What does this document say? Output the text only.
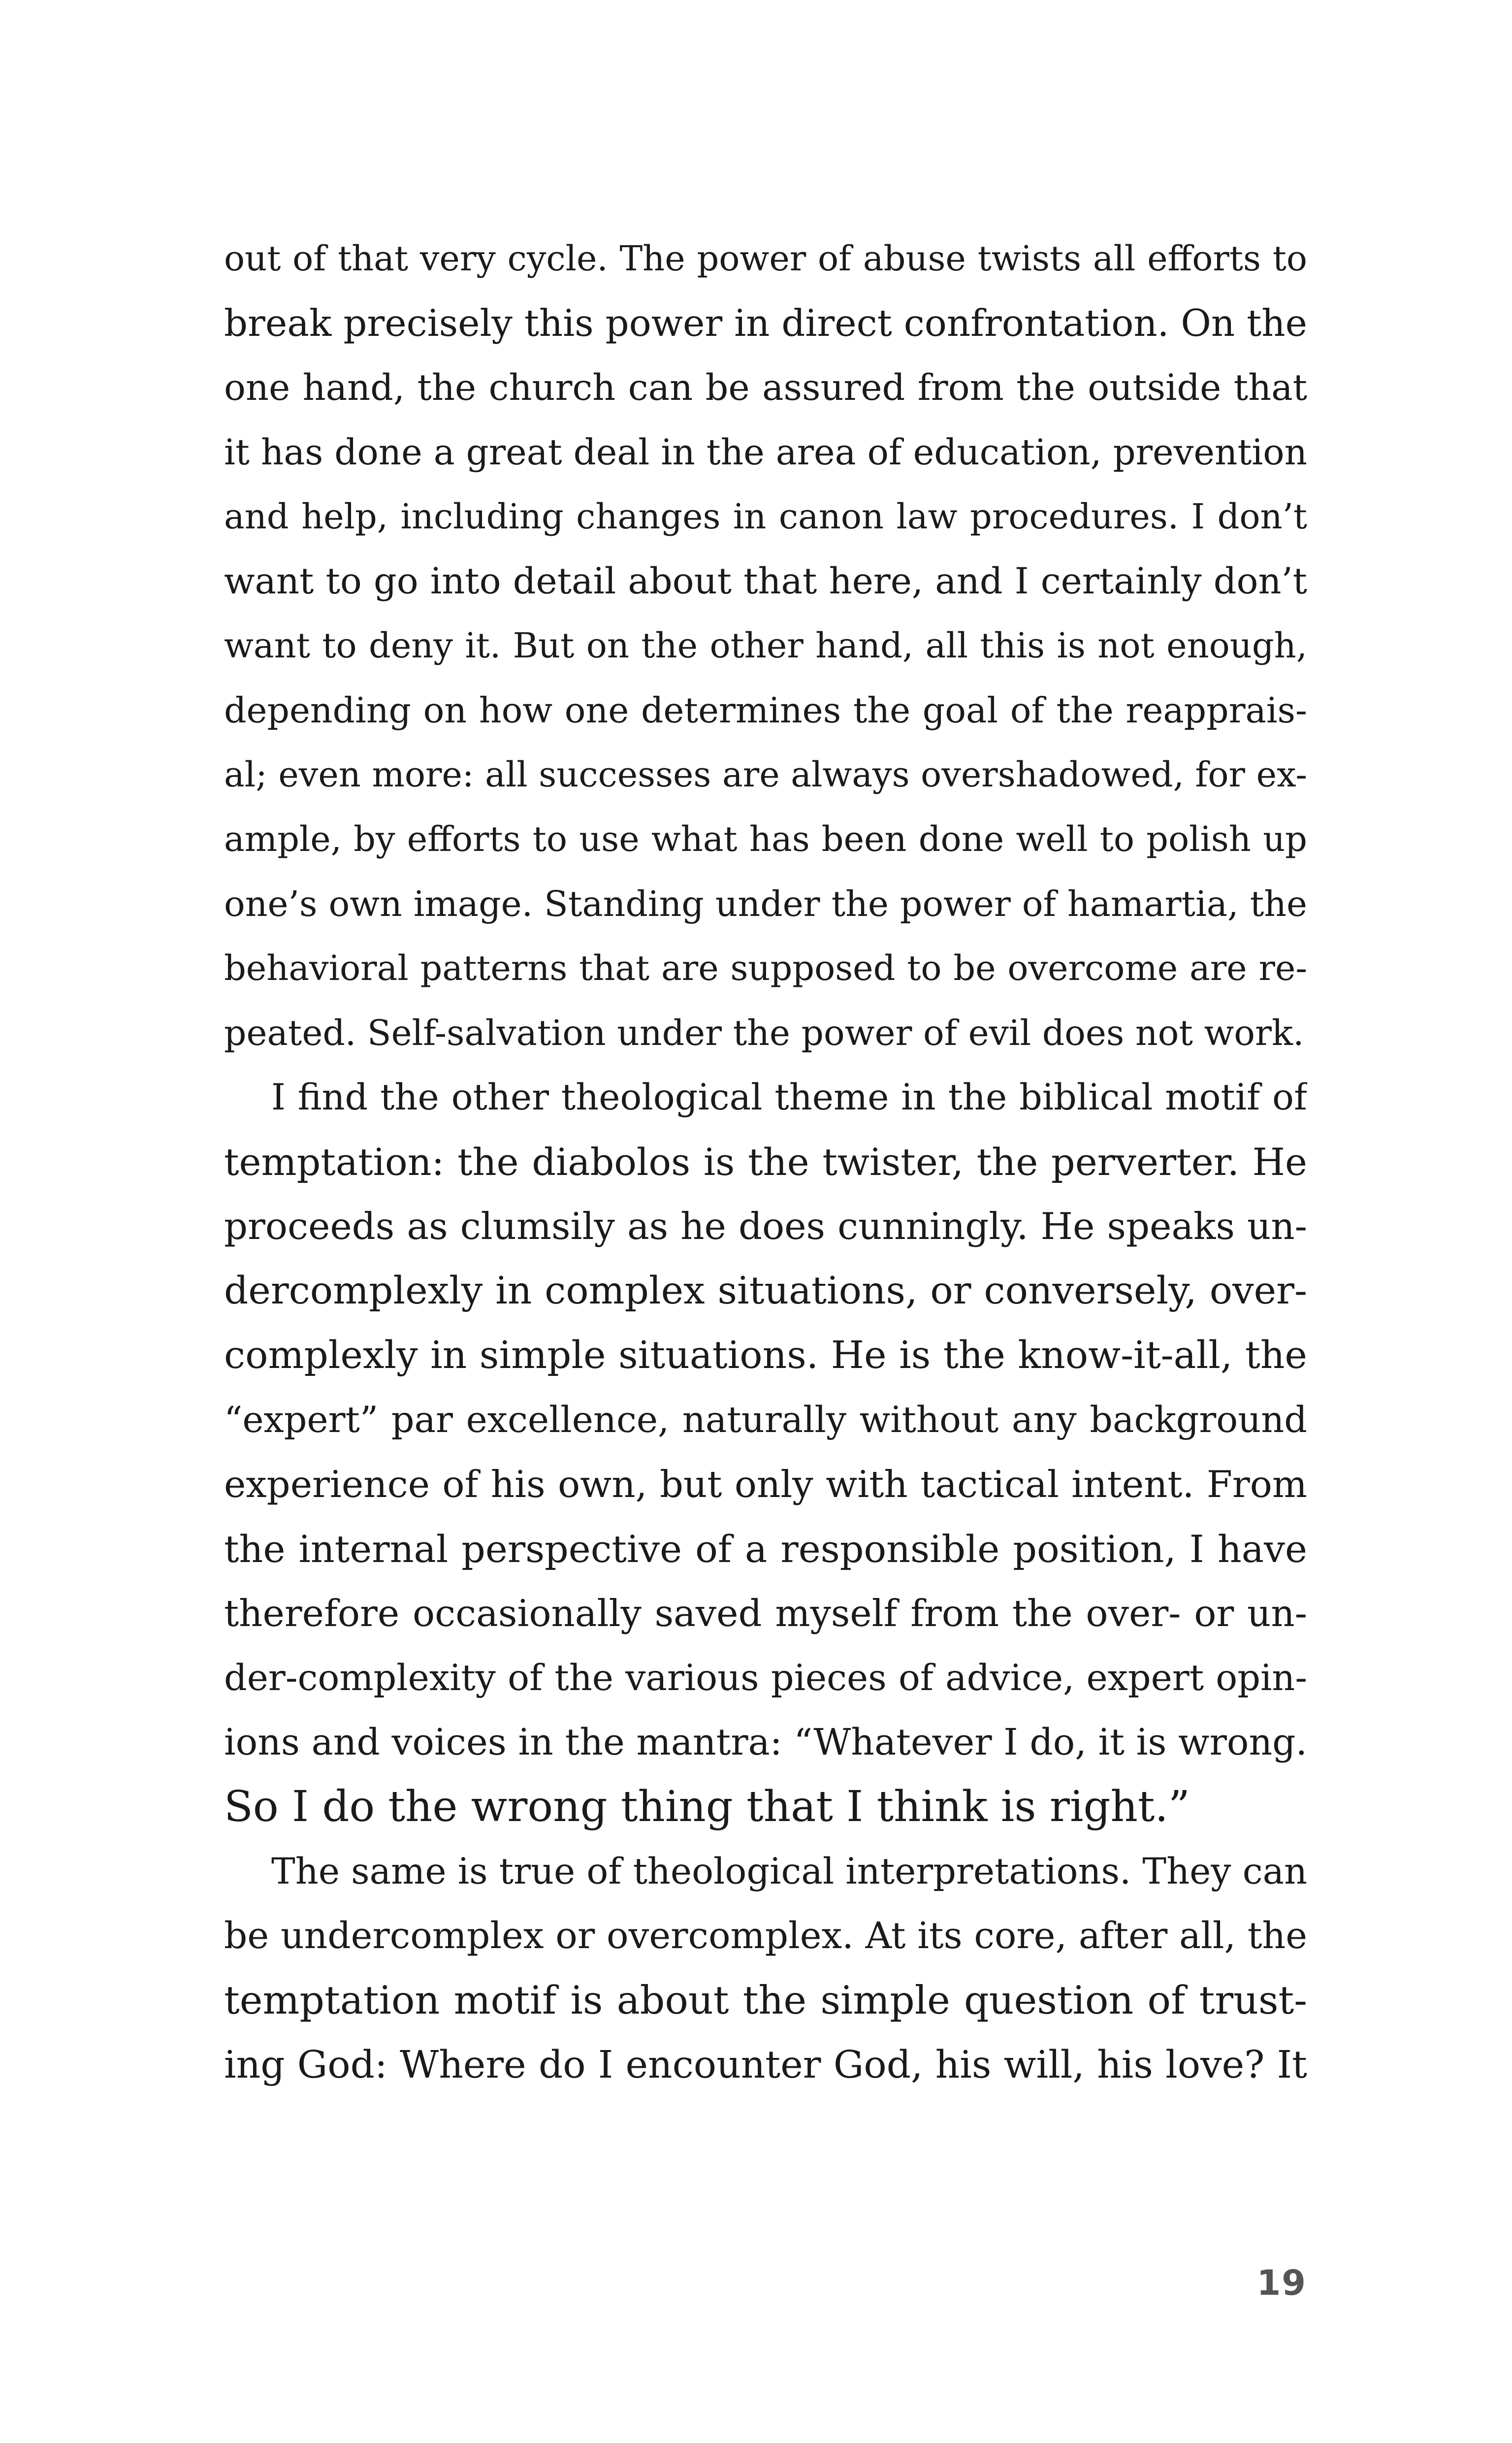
out of that very cycle. The power of abuse twists all efforts to
break precisely this power in direct confrontation. On the
one hand, the church can be assured from the outside that
it has done a great deal in the area of education, prevention
and help, including changes in canon law procedures. I don’t
want to go into detail about that here, and I certainly don’t
want to deny it. But on the other hand, all this is not enough,
depending on how one determines the goal of the reapprais-
al; even more: all successes are always overshadowed, for ex-
ample, by efforts to use what has been done well to polish up
one’s own image. Standing under the power of hamartia, the
behavioral patterns that are supposed to be overcome are re-
peated. Self-salvation under the power of evil does not work.
I find the other theological theme in the biblical motif of
temptation: the diabolos is the twister, the perverter. He
proceeds as clumsily as he does cunningly. He speaks un-
dercomplexly in complex situations, or conversely, over-
complexly in simple situations. He is the know-it-all, the
“expert” par excellence, naturally without any background
experience of his own, but only with tactical intent. From
the internal perspective of a responsible position, I have
therefore occasionally saved myself from the over- or un-
der-complexity of the various pieces of advice, expert opin-
ions and voices in the mantra: “Whatever I do, it is wrong.
So I do the wrong thing that I think is right.”
The same is true of theological interpretations. They can
be undercomplex or overcomplex. At its core, after all, the
temptation motif is about the simple question of trust-
ing God: Where do I encounter God, his will, his love? It
19
